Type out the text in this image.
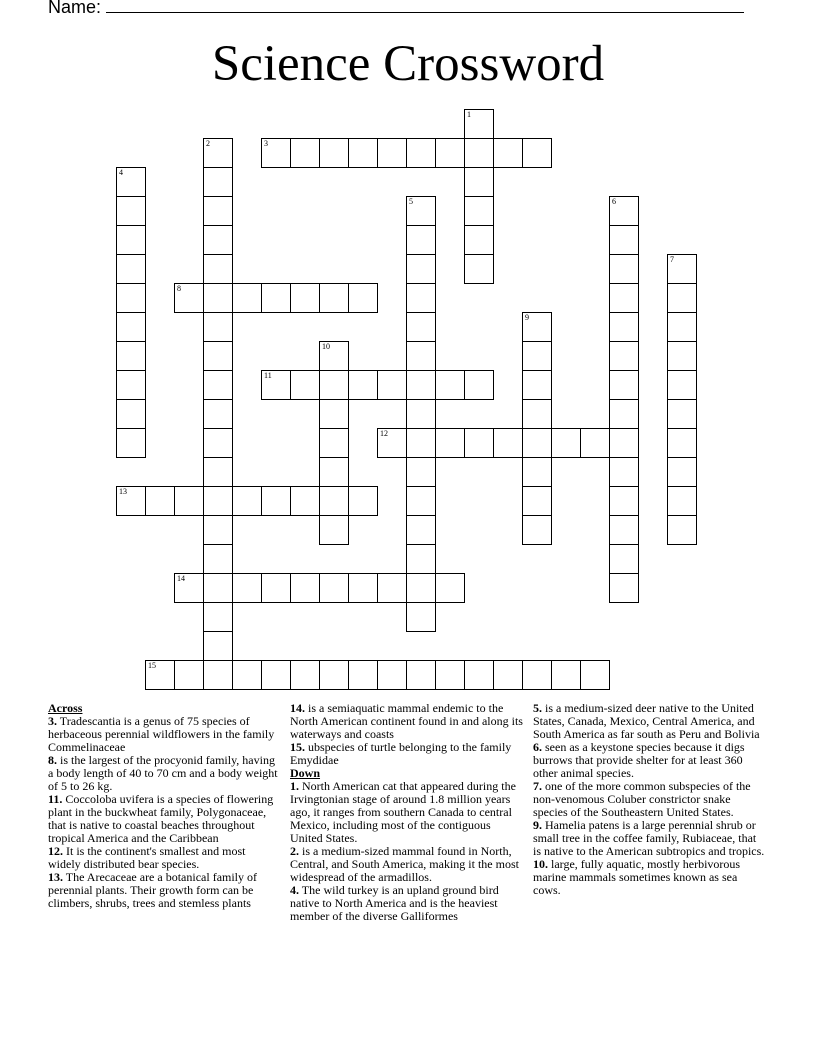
Name:
Science Crossword
3
8
11
12
13
14
15
1
2
4
5	6
7
9
10

Across

3. Tradescantia is a genus of 75 species of herbaceous perennial wildflowers in the family Commelinaceae

8. is the largest of the procyonid family, having a body length of 40 to 70 cm and a body weight of 5 to 26 kg.

11. Coccoloba uvifera is a species of flowering plant in the buckwheat family, Polygonaceae, that is native to coastal beaches throughout tropical America and the Caribbean

12. It is the continent's smallest and most widely distributed bear species.

13. The Arecaceae are a botanical family of perennial plants. Their growth form can be climbers, shrubs, trees and stemless plants

14. is a semiaquatic mammal endemic to the North American continent found in and along its waterways and coasts

15. ubspecies of turtle belonging to the family Emydidae

Down

1. North American cat that appeared during the Irvingtonian stage of around 1.8 million years ago, it ranges from southern Canada to central Mexico, including most of the contiguous United States.

2. is a medium-sized mammal found in North, Central, and South America, making it the most widespread of the armadillos.

4. The wild turkey is an upland ground bird native to North America and is the heaviest member of the diverse Galliformes

5. is a medium-sized deer native to the United States, Canada, Mexico, Central America, and South America as far south as Peru and Bolivia

6. seen as a keystone species because it digs burrows that provide shelter for at least 360 other animal species.

7. one of the more common subspecies of the non-venomous Coluber constrictor snake species of the Southeastern United States.

9. Hamelia patens is a large perennial shrub or small tree in the coffee family, Rubiaceae, that is native to the American subtropics and tropics.

10. large, fully aquatic, mostly herbivorous marine mammals sometimes known as sea cows.
